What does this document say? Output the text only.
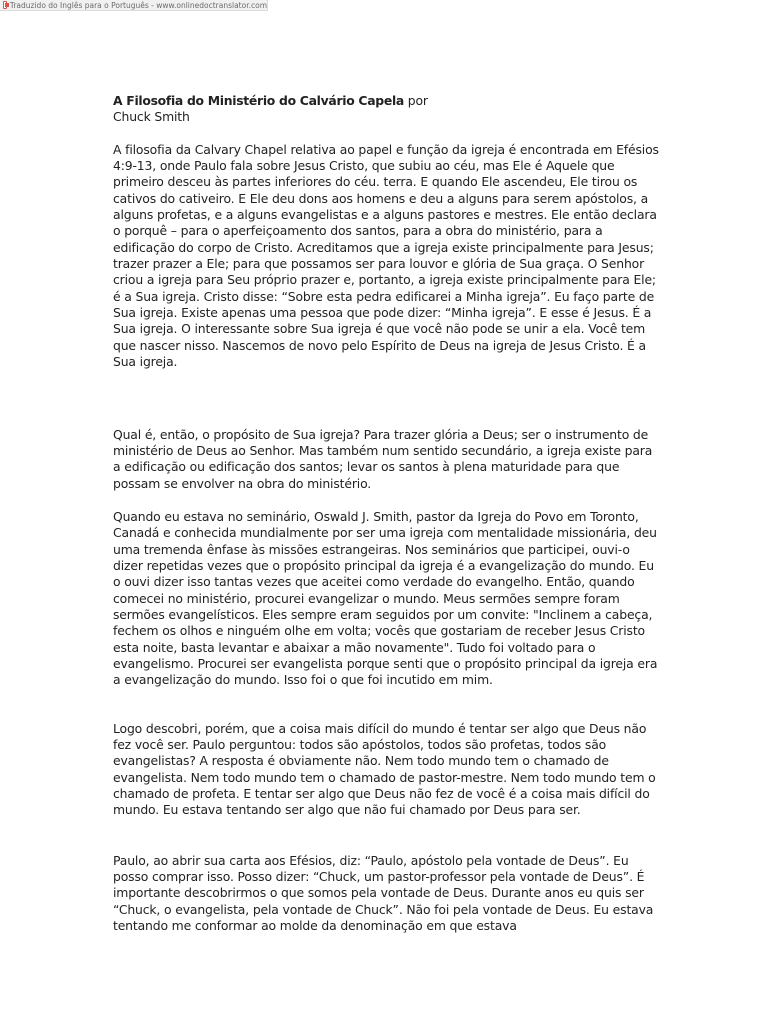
Traduzido do Inglês para o Português - www.onlinedoctranslator.com

A Filosofia do Ministério do Calvário Capela por

Chuck Smith

A filosofia da Calvary Chapel relativa ao papel e função da igreja é encontrada em Efésios 4:9-13, onde Paulo fala sobre Jesus Cristo, que subiu ao céu, mas Ele é Aquele que primeiro desceu às partes inferiores do céu. terra. E quando Ele ascendeu, Ele tirou os cativos do cativeiro. E Ele deu dons aos homens e deu a alguns para serem apóstolos, a alguns profetas, e a alguns evangelistas e a alguns pastores e mestres. Ele então declara o porquê – para o aperfeiçoamento dos santos, para a obra do ministério, para a edificação do corpo de Cristo. Acreditamos que a igreja existe principalmente para Jesus; trazer prazer a Ele; para que possamos ser para louvor e glória de Sua graça. O Senhor criou a igreja para Seu próprio prazer e, portanto, a igreja existe principalmente para Ele; é a Sua igreja. Cristo disse: “Sobre esta pedra edificarei a Minha igreja”. Eu faço parte de Sua igreja. Existe apenas uma pessoa que pode dizer: “Minha igreja”. E esse é Jesus. É a Sua igreja. O interessante sobre Sua igreja é que você não pode se unir a ela. Você tem que nascer nisso. Nascemos de novo pelo Espírito de Deus na igreja de Jesus Cristo. É a Sua igreja.

Qual é, então, o propósito de Sua igreja? Para trazer glória a Deus; ser o instrumento de ministério de Deus ao Senhor. Mas também num sentido secundário, a igreja existe para a edificação ou edificação dos santos; levar os santos à plena maturidade para que possam se envolver na obra do ministério.

Quando eu estava no seminário, Oswald J. Smith, pastor da Igreja do Povo em Toronto, Canadá e conhecida mundialmente por ser uma igreja com mentalidade missionária, deu uma tremenda ênfase às missões estrangeiras. Nos seminários que participei, ouvi-o dizer repetidas vezes que o propósito principal da igreja é a evangelização do mundo. Eu o ouvi dizer isso tantas vezes que aceitei como verdade do evangelho. Então, quando comecei no ministério, procurei evangelizar o mundo. Meus sermões sempre foram sermões evangelísticos. Eles sempre eram seguidos por um convite: "Inclinem a cabeça, fechem os olhos e ninguém olhe em volta; vocês que gostariam de receber Jesus Cristo esta noite, basta levantar e abaixar a mão novamente". Tudo foi voltado para o evangelismo. Procurei ser evangelista porque senti que o propósito principal da igreja era a evangelização do mundo. Isso foi o que foi incutido em mim.

Logo descobri, porém, que a coisa mais difícil do mundo é tentar ser algo que Deus não fez você ser. Paulo perguntou: todos são apóstolos, todos são profetas, todos são evangelistas? A resposta é obviamente não. Nem todo mundo tem o chamado de evangelista. Nem todo mundo tem o chamado de pastor-mestre. Nem todo mundo tem o chamado de profeta. E tentar ser algo que Deus não fez de você é a coisa mais difícil do mundo. Eu estava tentando ser algo que não fui chamado por Deus para ser.

Paulo, ao abrir sua carta aos Efésios, diz: “Paulo, apóstolo pela vontade de Deus”. Eu posso comprar isso. Posso dizer: “Chuck, um pastor-professor pela vontade de Deus”. É importante descobrirmos o que somos pela vontade de Deus. Durante anos eu quis ser “Chuck, o evangelista, pela vontade de Chuck”. Não foi pela vontade de Deus. Eu estava tentando me conformar ao molde da denominação em que estava
